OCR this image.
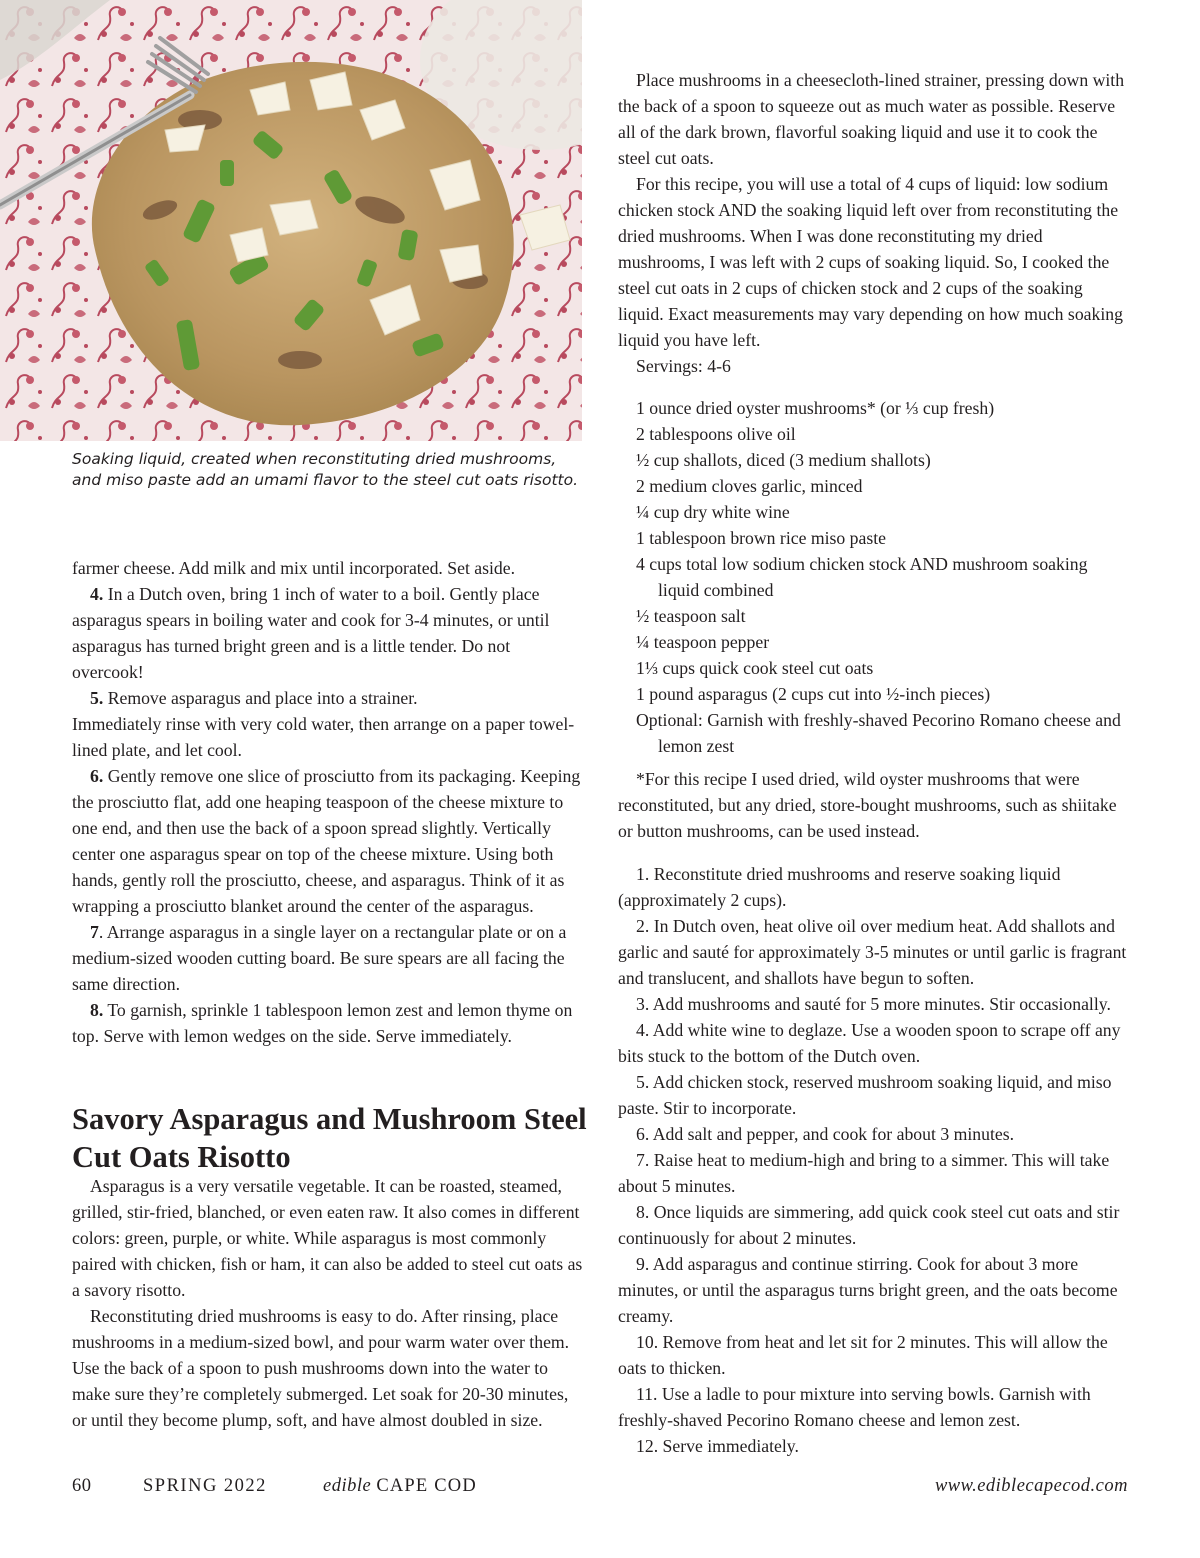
Soaking liquid, created when reconstituting dried mushrooms, and miso paste add an umami flavor to the steel cut oats risotto.

farmer cheese. Add milk and mix until incorporated. Set aside.

4. In a Dutch oven, bring 1 inch of water to a boil. Gently place asparagus spears in boiling water and cook for 3-4 minutes, or until asparagus has turned bright green and is a little tender. Do not overcook!

5. Remove asparagus and place into a strainer.

Immediately rinse with very cold water, then arrange on a paper towel-lined plate, and let cool.

6. Gently remove one slice of prosciutto from its packaging. Keeping the prosciutto flat, add one heaping teaspoon of the cheese mixture to one end, and then use the back of a spoon spread slightly. Vertically center one asparagus spear on top of the cheese mixture. Using both hands, gently roll the prosciutto, cheese, and asparagus. Think of it as wrapping a prosciutto blanket around the center of the asparagus.

7. Arrange asparagus in a single layer on a rectangular plate or on a medium-sized wooden cutting board. Be sure spears are all facing the same direction.

8. To garnish, sprinkle 1 tablespoon lemon zest and lemon thyme on top. Serve with lemon wedges on the side. Serve immediately.

Savory Asparagus and Mushroom Steel Cut Oats Risotto

Asparagus is a very versatile vegetable. It can be roasted, steamed, grilled, stir-fried, blanched, or even eaten raw. It also comes in different colors: green, purple, or white. While asparagus is most commonly paired with chicken, fish or ham, it can also be added to steel cut oats as a savory risotto.

Reconstituting dried mushrooms is easy to do. After rinsing, place mushrooms in a medium-sized bowl, and pour warm water over them. Use the back of a spoon to push mushrooms down into the water to make sure they’re completely submerged. Let soak for 20-30 minutes, or until they become plump, soft, and have almost doubled in size.

Place mushrooms in a cheesecloth-lined strainer, pressing down with the back of a spoon to squeeze out as much water as possible. Reserve all of the dark brown, flavorful soaking liquid and use it to cook the steel cut oats.

For this recipe, you will use a total of 4 cups of liquid: low sodium chicken stock AND the soaking liquid left over from reconstituting the dried mushrooms. When I was done reconstituting my dried mushrooms, I was left with 2 cups of soaking liquid. So, I cooked the steel cut oats in 2 cups of chicken stock and 2 cups of the soaking liquid. Exact measurements may vary depending on how much soaking liquid you have left.

Servings: 4-6

1 ounce dried oyster mushrooms* (or ⅓ cup fresh)

2 tablespoons olive oil

½ cup shallots, diced (3 medium shallots)

2 medium cloves garlic, minced

¼ cup dry white wine

1 tablespoon brown rice miso paste

4 cups total low sodium chicken stock AND mushroom soaking liquid combined

½ teaspoon salt

¼ teaspoon pepper

1⅓ cups quick cook steel cut oats

1 pound asparagus (2 cups cut into ½-inch pieces)

Optional: Garnish with freshly-shaved Pecorino Romano cheese and lemon zest

*For this recipe I used dried, wild oyster mushrooms that were reconstituted, but any dried, store-bought mushrooms, such as shiitake or button mushrooms, can be used instead.

1. Reconstitute dried mushrooms and reserve soaking liquid (approximately 2 cups).

2. In Dutch oven, heat olive oil over medium heat. Add shallots and garlic and sauté for approximately 3-5 minutes or until garlic is fragrant and translucent, and shallots have begun to soften.

3. Add mushrooms and sauté for 5 more minutes. Stir occasionally.

4. Add white wine to deglaze. Use a wooden spoon to scrape off any bits stuck to the bottom of the Dutch oven.

5. Add chicken stock, reserved mushroom soaking liquid, and miso paste. Stir to incorporate.

6. Add salt and pepper, and cook for about 3 minutes.

7. Raise heat to medium-high and bring to a simmer. This will take about 5 minutes.

8. Once liquids are simmering, add quick cook steel cut oats and stir continuously for about 2 minutes.

9. Add asparagus and continue stirring. Cook for about 3 more minutes, or until the asparagus turns bright green, and the oats become creamy.

10. Remove from heat and let sit for 2 minutes. This will allow the oats to thicken.

11. Use a ladle to pour mixture into serving bowls. Garnish with freshly-shaved Pecorino Romano cheese and lemon zest.

12. Serve immediately.

60	SPRING 2022	edible CAPE COD	www.ediblecapecod.com
